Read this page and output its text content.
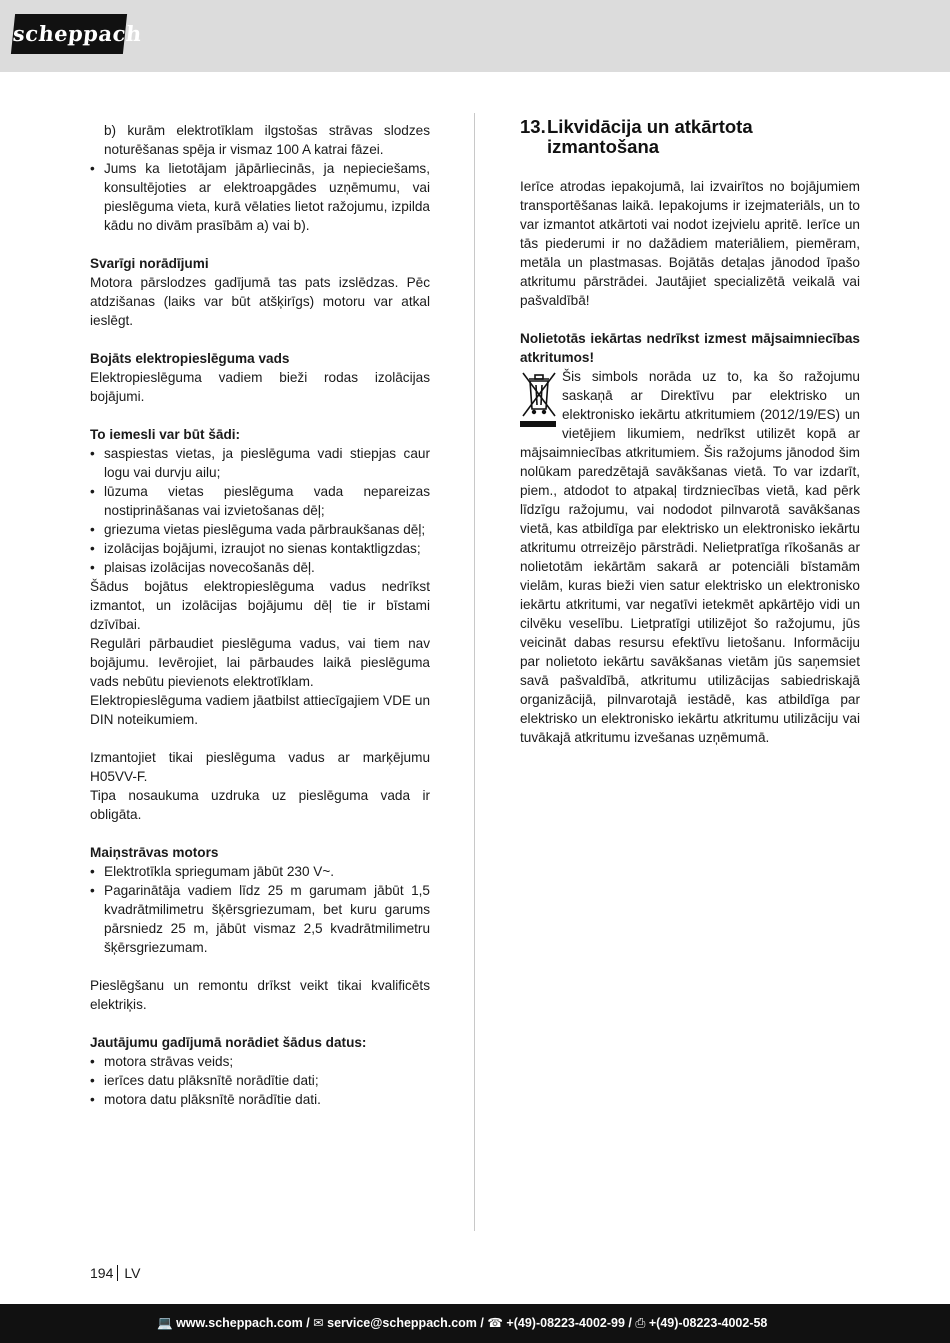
scheppach

b) kurām elektrotīklam ilgstošas strāvas slodzes noturēšanas spēja ir vismaz 100 A katrai fāzei.

• Jums ka lietotājam jāpārliecinās, ja nepieciešams, konsultējoties ar elektroapgādes uzņēmumu, vai pieslēguma vieta, kurā vēlaties lietot ražojumu, izpilda kādu no divām prasībām a) vai b).

Svarīgi norādījumi

Motora pārslodzes gadījumā tas pats izslēdzas. Pēc atdzišanas (laiks var būt atšķirīgs) motoru var atkal ieslēgt.

Bojāts elektropieslēguma vads

Elektropieslēguma vadiem bieži rodas izolācijas bojājumi.

To iemesli var būt šādi:

• saspiestas vietas, ja pieslēguma vadi stiepjas caur logu vai durvju ailu;

• lūzuma vietas pieslēguma vada nepareizas nostiprināšanas vai izvietošanas dēļ;

• griezuma vietas pieslēguma vada pārbraukšanas dēļ;

• izolācijas bojājumi, izraujot no sienas kontaktligzdas;

• plaisas izolācijas novecošanās dēļ.

Šādus bojātus elektropieslēguma vadus nedrīkst izmantot, un izolācijas bojājumu dēļ tie ir bīstami dzīvībai.

Regulāri pārbaudiet pieslēguma vadus, vai tiem nav bojājumu. Ievērojiet, lai pārbaudes laikā pieslēguma vads nebūtu pievienots elektrotīklam.

Elektropieslēguma vadiem jāatbilst attiecīgajiem VDE un DIN noteikumiem.

Izmantojiet tikai pieslēguma vadus ar marķējumu H05VV-F.

Tipa nosaukuma uzdruka uz pieslēguma vada ir obligāta.

Maiņstrāvas motors

• Elektrotīkla spriegumam jābūt 230 V~.

• Pagarinātāja vadiem līdz 25 m garumam jābūt 1,5 kvadrātmilimetru šķērsgriezumam, bet kuru garums pārsniedz 25 m, jābūt vismaz 2,5 kvadrātmilimetru šķērsgriezumam.

Pieslēgšanu un remontu drīkst veikt tikai kvalificēts elektriķis.

Jautājumu gadījumā norādiet šādus datus:

• motora strāvas veids;

• ierīces datu plāksnītē norādītie dati;

• motora datu plāksnītē norādītie dati.

13.Likvidācija un atkārtota
izmantošana

Ierīce atrodas iepakojumā, lai izvairītos no bojājumiem transportēšanas laikā. Iepakojums ir izejmateriāls, un to var izmantot atkārtoti vai nodot izejvielu apritē. Ierīce un tās piederumi ir no dažādiem materiāliem, piemēram, metāla un plastmasas. Bojātās detaļas jānodod īpašo atkritumu pārstrādei. Jautājiet specializētā veikalā vai pašvaldībā!

Nolietotās iekārtas nedrīkst izmest mājsaimniecības atkritumos!

Šis simbols norāda uz to, ka šo ražojumu saskaņā ar Direktīvu par elektrisko un elektronisko iekārtu atkritumiem (2012/19/ES) un vietējiem likumiem, nedrīkst utilizēt kopā ar mājsaimniecības atkritumiem. Šis ražojums jānodod šim nolūkam paredzētajā savākšanas vietā. To var izdarīt, piem., atdodot to atpakaļ tirdzniecības vietā, kad pērk līdzīgu ražojumu, vai nododot pilnvarotā savākšanas vietā, kas atbildīga par elektrisko un elektronisko iekārtu atkritumu otrreizējo pārstrādi. Nelietpratīga rīkošanās ar nolietotām iekārtām sakarā ar potenciāli bīstamām vielām, kuras bieži vien satur elektrisko un elektronisko iekārtu atkritumi, var negatīvi ietekmēt apkārtējo vidi un cilvēku veselību. Lietpratīgi utilizējot šo ražojumu, jūs veicināt dabas resursu efektīvu lietošanu. Informāciju par nolietoto iekārtu savākšanas vietām jūs saņemsiet savā pašvaldībā, atkritumu utilizācijas sabiedriskajā organizācijā, pilnvarotajā iestādē, kas atbildīga par elektrisko un elektronisko iekārtu atkritumu utilizāciju vai tuvākajā atkritumu izvešanas uzņēmumā.

194 LV
💻 www.scheppach.com / ✉ service@scheppach.com / ☎ +(49)-08223-4002-99 / ⎙ +(49)-08223-4002-58
